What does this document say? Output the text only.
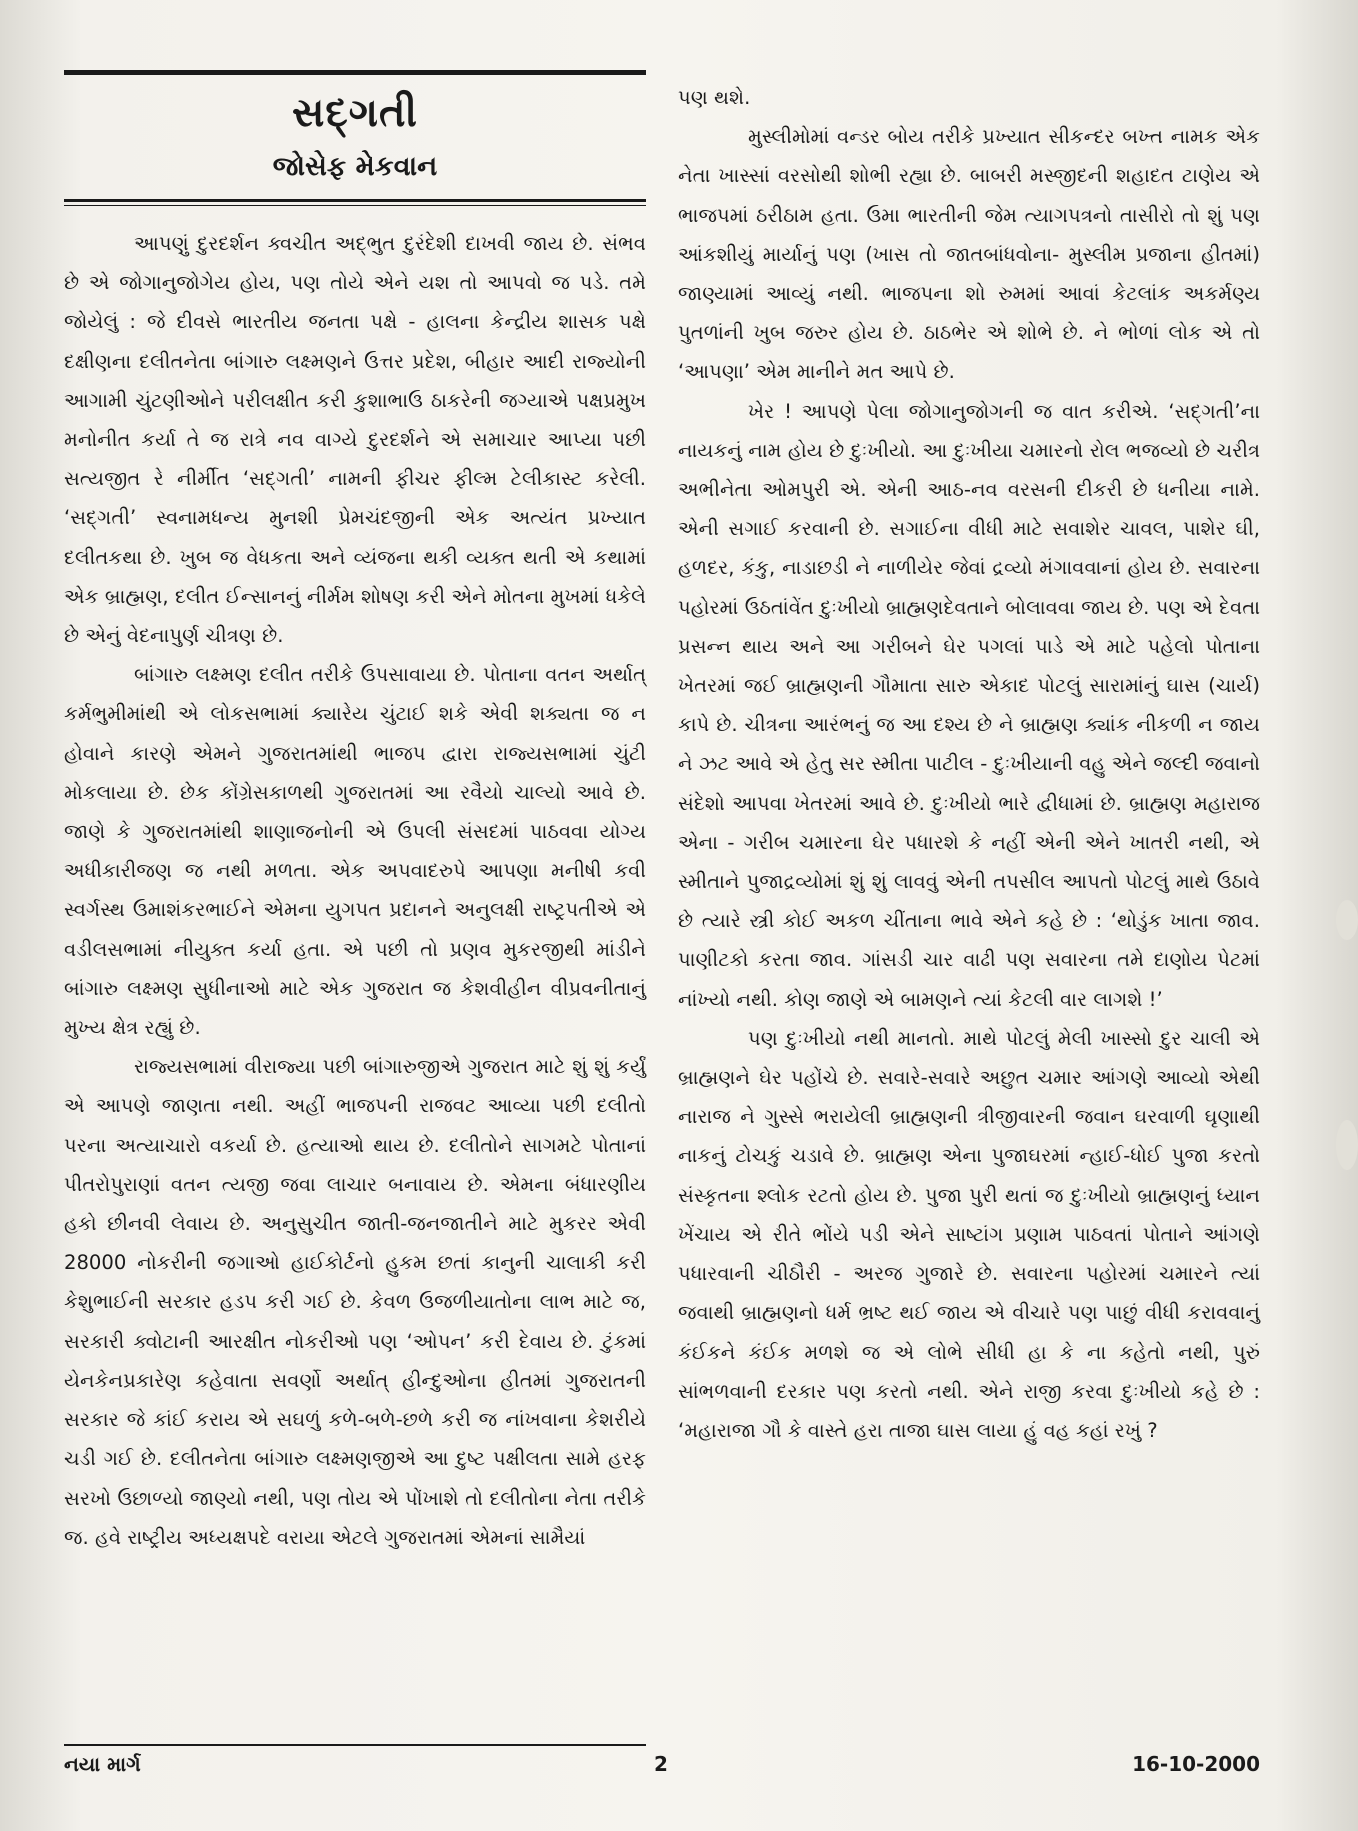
સદ્ગતી
જોસેફ મેકવાન

આપણું દુરદર્શન ક્વચીત અદ્ભુત દુરંદેશી દાખવી જાય છે. સંભવ છે એ જોગાનુજોગેય હોય, પણ તોયે એને યશ તો આપવો જ પડે. તમે જોયેલું : જે દીવસે ભારતીય જનતા પક્ષે - હાલના કેન્દ્રીય શાસક પક્ષે દક્ષીણના દલીતનેતા બાંગારુ લક્ષ્મણને ઉત્તર પ્રદેશ, બીહાર આદી રાજ્યોની આગામી ચુંટણીઓને પરીલક્ષીત કરી કુશાભાઉ ઠાકરેની જગ્યાએ પક્ષપ્રમુખ મનોનીત કર્યા તે જ રાત્રે નવ વાગ્યે દુરદર્શને એ સમાચાર આપ્યા પછી સત્યજીત રે નીર્મીત ‘સદ્ગતી’ નામની ફીચર ફીલ્મ ટેલીકાસ્ટ કરેલી. ‘સદ્ગતી’ સ્વનામધન્ય મુનશી પ્રેમચંદજીની એક અત્યંત પ્રખ્યાત દલીતકથા છે. ખુબ જ વેધકતા અને વ્યંજના થકી વ્યક્ત થતી એ કથામાં એક બ્રાહ્મણ, દલીત ઈન્સાનનું નીર્મમ શોષણ કરી એને મોતના મુખમાં ધકેલે છે એનું વેદનાપુર્ણ ચીત્રણ છે.

બાંગારુ લક્ષ્મણ દલીત તરીકે ઉપસાવાયા છે. પોતાના વતન અર્થાત્ કર્મભુમીમાંથી એ લોકસભામાં ક્યારેય ચુંટાઈ શકે એવી શક્યતા જ ન હોવાને કારણે એમને ગુજરાતમાંથી ભાજપ દ્વારા રાજ્યસભામાં ચુંટી મોકલાયા છે. છેક કોંગ્રેસકાળથી ગુજરાતમાં આ રવૈયો ચાલ્યો આવે છે. જાણે કે ગુજરાતમાંથી શાણાજનોની એ ઉપલી સંસદમાં પાઠવવા યોગ્ય અધીકારીજણ જ નથી મળતા. એક અપવાદરુપે આપણા મનીષી કવી સ્વર્ગસ્થ ઉમાશંકરભાઈને એમના યુગપત પ્રદાનને અનુલક્ષી રાષ્ટ્રપતીએ એ વડીલસભામાં નીયુક્ત કર્યા હતા. એ પછી તો પ્રણવ મુકરજીથી માંડીને બાંગારુ લક્ષ્મણ સુધીનાઓ માટે એક ગુજરાત જ કેશવીહીન વીપ્રવનીતાનું મુખ્ય ક્ષેત્ર રહ્યું છે.

રાજ્યસભામાં વીરાજ્યા પછી બાંગારુજીએ ગુજરાત માટે શું શું કર્યું એ આપણે જાણતા નથી. અહીં ભાજપની રાજવટ આવ્યા પછી દલીતો પરના અત્યાચારો વકર્યા છે. હત્યાઓ થાય છે. દલીતોને સાગમટે પોતાનાં પીતરોપુરાણાં વતન ત્યજી જવા લાચાર બનાવાય છે. એમના બંધારણીય હકો છીનવી લેવાય છે. અનુસુચીત જાતી-જનજાતીને માટે મુકરર એવી 28000 નોકરીની જગાઓ હાઈકોર્ટનો હુકમ છતાં કાનુની ચાલાકી કરી કેશુભાઈની સરકાર હડપ કરી ગઈ છે. કેવળ ઉજળીયાતોના લાભ માટે જ, સરકારી ક્વોટાની આરક્ષીત નોકરીઓ પણ ‘ઓપન’ કરી દેવાય છે. ટુંકમાં યેનકેનપ્રકારેણ કહેવાતા સવર્ણો અર્થાત્ હીન્દુઓના હીતમાં ગુજરાતની સરકાર જે કાંઈ કરાય એ સઘળું કળે-બળે-છળે કરી જ નાંખવાના કેશરીયે ચડી ગઈ છે. દલીતનેતા બાંગારુ લક્ષ્મણજીએ આ દુષ્ટ પક્ષીલતા સામે હરફ સરખો ઉછાળ્યો જાણ્યો નથી, પણ તોય એ પોંખાશે તો દલીતોના નેતા તરીકે જ. હવે રાષ્ટ્રીય અધ્યક્ષપદે વરાયા એટલે ગુજરાતમાં એમનાં સામૈયાં

પણ થશે.

મુસ્લીમોમાં વન્ડર બોય તરીકે પ્રખ્યાત સીકન્દર બખ્ત નામક એક નેતા ખાસ્સાં વરસોથી શોભી રહ્યા છે. બાબરી મસ્જીદની શહાદત ટાણેય એ ભાજપમાં ઠરીઠામ હતા. ઉમા ભારતીની જેમ ત્યાગપત્રનો તાસીરો તો શું પણ આંકશીયું માર્યાનું પણ (ખાસ તો જાતબાંધવોના- મુસ્લીમ પ્રજાના હીતમાં) જાણ્યામાં આવ્યું નથી. ભાજપના શો રુમમાં આવાં કેટલાંક અકર્મણ્ય પુતળાંની ખુબ જરુર હોય છે. ઠાઠભેર એ શોભે છે. ને ભોળાં લોક એ તો ‘આપણા’ એમ માનીને મત આપે છે.

ખેર ! આપણે પેલા જોગાનુજોગની જ વાત કરીએ. ‘સદ્ગતી’ના નાયકનું નામ હોય છે દુઃખીયો. આ દુઃખીયા ચમારનો રોલ ભજવ્યો છે ચરીત્ર અભીનેતા ઓમપુરી એ. એની આઠ-નવ વરસની દીકરી છે ધનીયા નામે. એની સગાઈ કરવાની છે. સગાઈના વીધી માટે સવાશેર ચાવલ, પાશેર ઘી, હળદર, કંકુ, નાડાછડી ને નાળીયેર જેવાં દ્રવ્યો મંગાવવાનાં હોય છે. સવારના પહોરમાં ઉઠતાંવેંત દુઃખીયો બ્રાહ્મણદેવતાને બોલાવવા જાય છે. પણ એ દેવતા પ્રસન્ન થાય અને આ ગરીબને ઘેર પગલાં પાડે એ માટે પહેલો પોતાના ખેતરમાં જઈ બ્રાહ્મણની ગૌમાતા સારુ એકાદ પોટલું સારામાંનું ઘાસ (ચાર્ય) કાપે છે. ચીત્રના આરંભનું જ આ દશ્ય છે ને બ્રાહ્મણ ક્યાંક નીકળી ન જાય ને ઝટ આવે એ હેતુ સર સ્મીતા પાટીલ - દુઃખીયાની વહુ એને જલ્દી જવાનો સંદેશો આપવા ખેતરમાં આવે છે. દુઃખીયો ભારે દ્વીધામાં છે. બ્રાહ્મણ મહારાજ એના - ગરીબ ચમારના ઘેર પધારશે કે નહીં એની એને ખાતરી નથી, એ સ્મીતાને પુજાદ્રવ્યોમાં શું શું લાવવું એની તપસીલ આપતો પોટલું માથે ઉઠાવે છે ત્યારે સ્ત્રી કોઈ અકળ ચીંતાના ભાવે એને કહે છે : ‘થોડુંક ખાતા જાવ. પાણીટકો કરતા જાવ. ગાંસડી ચાર વાઢી પણ સવારના તમે દાણોય પેટમાં નાંખ્યો નથી. કોણ જાણે એ બામણને ત્યાં કેટલી વાર લાગશે !’

પણ દુઃખીયો નથી માનતો. માથે પોટલું મેલી ખાસ્સો દુર ચાલી એ બ્રાહ્મણને ઘેર પહોંચે છે. સવારે-સવારે અછુત ચમાર આંગણે આવ્યો એથી નારાજ ને ગુસ્સે ભરાયેલી બ્રાહ્મણની ત્રીજીવારની જવાન ઘરવાળી ઘૃણાથી નાકનું ટોચકું ચડાવે છે. બ્રાહ્મણ એના પુજાઘરમાં ન્હાઈ-ધોઈ પુજા કરતો સંસ્કૃતના શ્લોક રટતો હોય છે. પુજા પુરી થતાં જ દુઃખીયો બ્રાહ્મણનું ધ્યાન ખેંચાય એ રીતે ભોંયે પડી એને સાષ્ટાંગ પ્રણામ પાઠવતાં પોતાને આંગણે પધારવાની ચીઠૌરી - અરજ ગુજારે છે. સવારના પહોરમાં ચમારને ત્યાં જવાથી બ્રાહ્મણનો ધર્મ ભ્રષ્ટ થઈ જાય એ વીચારે પણ પાછું વીધી કરાવવાનું કંઈકને કંઈક મળશે જ એ લોભે સીધી હા કે ના કહેતો નથી, પુરું સાંભળવાની દરકાર પણ કરતો નથી. એને રાજી કરવા દુઃખીયો કહે છે : ‘મહારાજા ગૌ કે વાસ્તે હરા તાજા ઘાસ લાયા હું વહ કહાં રખું ?

નયા માર્ગ	2	16-10-2000
